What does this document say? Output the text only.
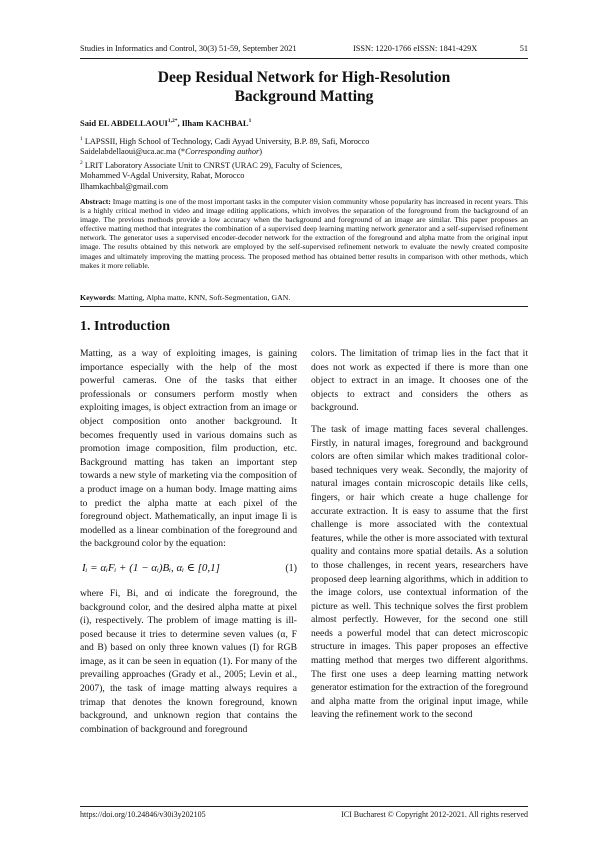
Studies in Informatics and Control, 30(3) 51-59, September 2021	ISSN: 1220-1766 eISSN: 1841-429X	51
Deep Residual Network for High-Resolution
Background Matting
Said EL $ABDELLAOUI^{1,2*}$, Ilham KACHBAL$^1$
$^1$ LAPSSII, High School of Technology, Cadi Ayyad University, B.P. 89, Safi, Morocco
Saidelabdellaoui@uca.ac.ma (*Corresponding author)
$^2$ LRIT Laboratory Associate Unit to CNRST (URAC 29), Faculty of Sciences,
Mohammed V-Agdal University, Rabat, Morocco
Ilhamkachbal@gmail.com
Abstract: Image matting is one of the most important tasks in the computer vision community whose popularity has increased in recent years. This is a highly critical method in video and image editing applications, which involves the separation of the foreground from the background of an image. The previous methods provide a low accuracy when the background and foreground of an image are similar. This paper proposes an effective matting method that integrates the combination of a supervised deep learning matting network generator and a self-supervised refinement network. The generator uses a supervised encoder-decoder network for the extraction of the foreground and alpha matte from the original input image. The results obtained by this network are employed by the self-supervised refinement network to evaluate the newly created composite images and ultimately improving the matting process. The proposed method has obtained better results in comparison with other methods, which makes it more reliable.
Keywords: Matting, Alpha matte, KNN, Soft-Segmentation, GAN.
1. Introduction

Matting, as a way of exploiting images, is gaining importance especially with the help of the most powerful cameras. One of the tasks that either professionals or consumers perform mostly when exploiting images, is object extraction from an image or object composition onto another background. It becomes frequently used in various domains such as promotion image composition, film production, etc. Background matting has taken an important step towards a new style of marketing via the composition of a product image on a human body. Image matting aims to predict the alpha matte at each pixel of the foreground object. Mathematically, an input image Ii is modelled as a linear combination of the foreground and the background color by the equation:

Iᵢ = αᵢFᵢ + (1 − αᵢ)Bᵢ, αᵢ ∈ [0,1]	(1)

where Fi, Bi, and αi indicate the foreground, the background color, and the desired alpha matte at pixel (i), respectively. The problem of image matting is ill-posed because it tries to determine seven values (α, F and B) based on only three known values (I) for RGB image, as it can be seen in equation (1). For many of the prevailing approaches (Grady et al., 2005; Levin et al., 2007), the task of image matting always requires a trimap that denotes the known foreground, known background, and unknown region that contains the combination of background and foreground

colors. The limitation of trimap lies in the fact that it does not work as expected if there is more than one object to extract in an image. It chooses one of the objects to extract and considers the others as background.

The task of image matting faces several challenges. Firstly, in natural images, foreground and background colors are often similar which makes traditional color-based techniques very weak. Secondly, the majority of natural images contain microscopic details like cells, fingers, or hair which create a huge challenge for accurate extraction. It is easy to assume that the first challenge is more associated with the contextual features, while the other is more associated with textural quality and contains more spatial details. As a solution to those challenges, in recent years, researchers have proposed deep learning algorithms, which in addition to the image colors, use contextual information of the picture as well. This technique solves the first problem almost perfectly. However, for the second one still needs a powerful model that can detect microscopic structure in images. This paper proposes an effective matting method that merges two different algorithms. The first one uses a deep learning matting network generator estimation for the extraction of the foreground and alpha matte from the original input image, while leaving the refinement work to the second

https://doi.org/10.24846/v30i3y202105	ICI Bucharest © Copyright 2012-2021. All rights reserved
